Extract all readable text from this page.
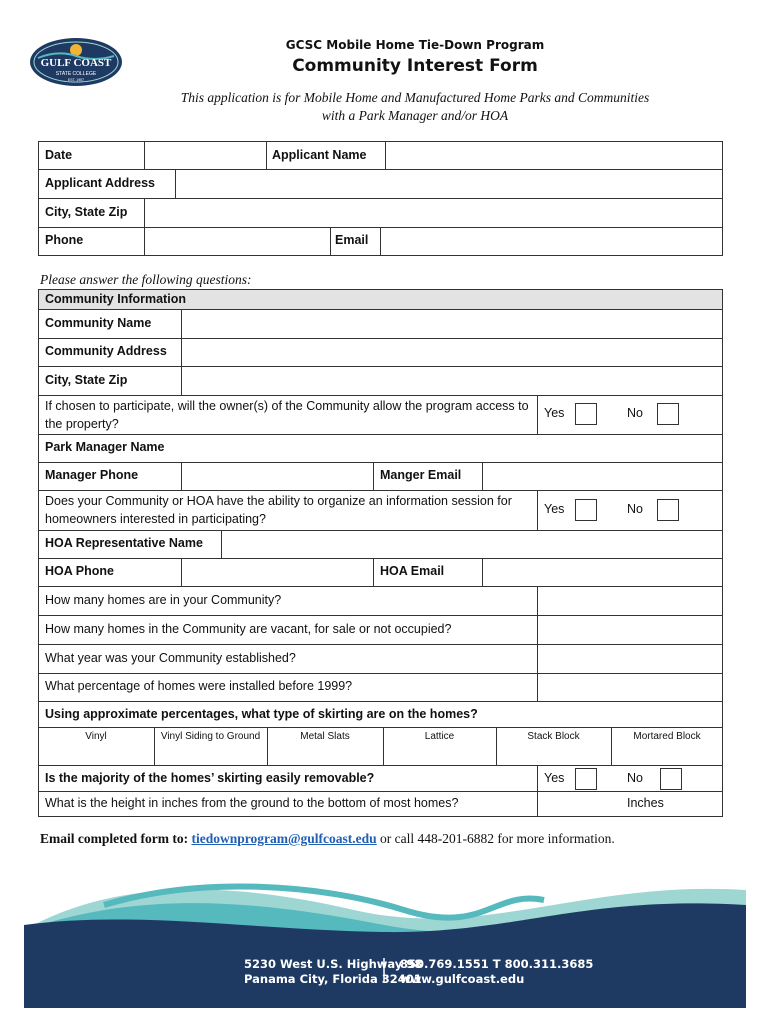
GULF COAST
STATE COLLEGE
EST. 1957
GCSC Mobile Home Tie-Down Program
Community Interest Form
This application is for Mobile Home and Manufactured Home Parks and Communities
with a Park Manager and/or HOA
Date	Applicant Name
Applicant Address
City, State Zip
Phone	Email
Please answer the following questions:
Community Information
Community Name
Community Address
City, State Zip
If chosen to participate, will the owner(s) of the Community allow the program access to the property?
Yes	No
Park Manager Name
Manager Phone	Manger Email
Does your Community or HOA have the ability to organize an information session for homeowners interested in participating?
Yes	No
HOA Representative Name
HOA Phone	HOA Email
How many homes are in your Community?
How many homes in the Community are vacant, for sale or not occupied?
What year was your Community established?
What percentage of homes were installed before 1999?
Using approximate percentages, what type of skirting are on the homes?
Vinyl	Vinyl Siding to Ground	Metal Slats	Lattice	Stack Block	Mortared Block
Is the majority of the homes’ skirting easily removable?	Yes	No
What is the height in inches from the ground to the bottom of most homes?	Inches
Email completed form to: tiedownprogram@gulfcoast.edu or call 448-201-6882 for more information.
5230 West U.S. Highway 98
Panama City, Florida 32401
850.769.1551 T 800.311.3685
www.gulfcoast.edu
